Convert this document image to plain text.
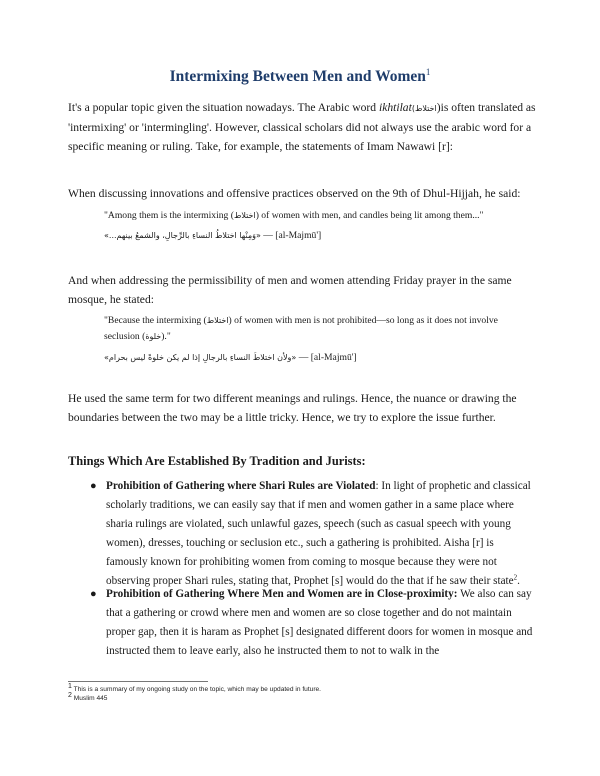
Intermixing Between Men and Women$^1$

It's a popular topic given the situation nowadays. The Arabic word ikhtilat(اختلاط)is often translated as 'intermixing' or 'intermingling'. However, classical scholars did not always use the arabic word for a specific meaning or ruling. Take, for example, the statements of Imam Nawawi [r]:

When discussing innovations and offensive practices observed on the 9th of Dhul-Hijjah, he said:

"Among them is the intermixing (اختلاط) of women with men, and candles being lit among them..."

«...وَمِنْها اختلاطُ النساءِ بالرِّجالِ، والشمعُ بينهم» — [al-Majmū']

And when addressing the permissibility of men and women attending Friday prayer in the same mosque, he stated:

"Because the intermixing (اختلاط) of women with men is not prohibited—so long as it does not involve seclusion (خلوة)."

«ولأن اختلاطَ النساءِ بالرجالِ إذا لم يكن خلوةً ليس بحرام» — [al-Majmū']

He used the same term for two different meanings and rulings. Hence, the nuance or drawing the boundaries between the two may be a little tricky. Hence, we try to explore the issue further.

Things Which Are Established By Tradition and Jurists:
● Prohibition of Gathering where Shari Rules are Violated: In light of prophetic and classical scholarly traditions, we can easily say that if men and women gather in a same place where sharia rulings are violated, such unlawful gazes, speech (such as casual speech with young women), dresses, touching or seclusion etc., such a gathering is prohibited. Aisha [r] is famously known for prohibiting women from coming to mosque because they were not observing proper Shari rules, stating that, Prophet [s] would do the that if he saw their state$^2$.

● Prohibition of Gathering Where Men and Women are in Close-proximity: We also can say that a gathering or crowd where men and women are so close together and do not maintain proper gap, then it is haram as Prophet [s] designated different doors for women in mosque and instructed them to leave early, also he instructed them to not to walk in the

$^1$ This is a summary of my ongoing study on the topic, which may be updated in future.
$^2$ Muslim 445
